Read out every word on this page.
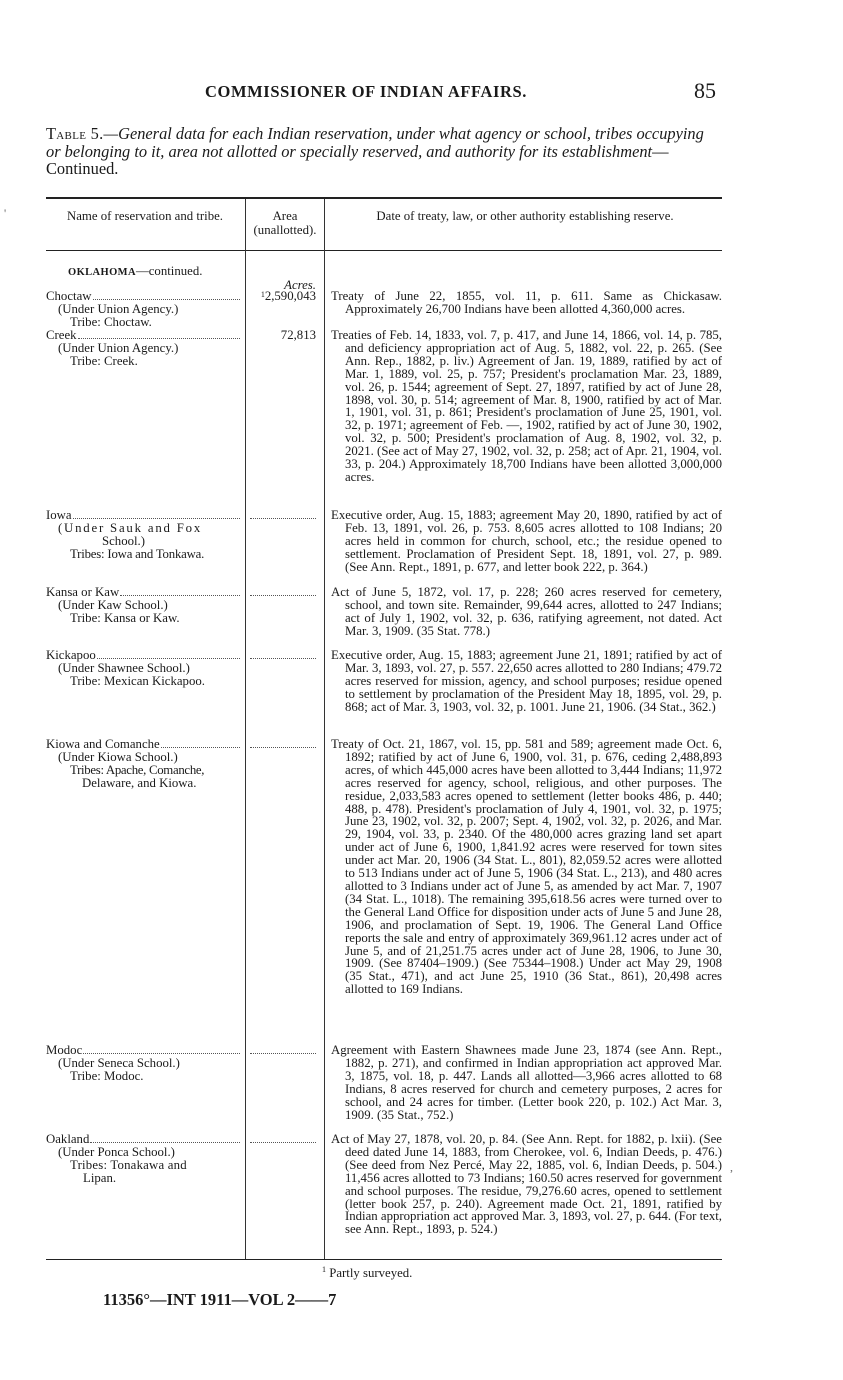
COMMISSIONER OF INDIAN AFFAIRS.	85
Table 5.—General data for each Indian reservation, under what agency or school, tribes occupying or belonging to it, area not allotted or specially reserved, and authority for its establishment—Continued.
Name of reservation and tribe.	Area (unallotted).
Date of treaty, law, or other authority establishing reserve.
OKLAHOMA—continued.
Acres.
Choctaw
(Under Union Agency.)
Tribe: Choctaw.
$^1$2,590,043 Treaty of June 22, 1855, vol. 11, p. 611. Same as Chickasaw. Approximately 26,700 Indians have been allotted 4,360,000 acres.
Creek
(Under Union Agency.)
Tribe: Creek.
72,813 Treaties of Feb. 14, 1833, vol. 7, p. 417, and June 14, 1866, vol. 14, p. 785, and deficiency appropriation act of Aug. 5, 1882, vol. 22, p. 265. (See Ann. Rep., 1882, p. liv.) Agreement of Jan. 19, 1889, ratified by act of Mar. 1, 1889, vol. 25, p. 757; President's proclamation Mar. 23, 1889, vol. 26, p. 1544; agreement of Sept. 27, 1897, ratified by act of June 28, 1898, vol. 30, p. 514; agreement of Mar. 8, 1900, ratified by act of Mar. 1, 1901, vol. 31, p. 861; President's proclamation of June 25, 1901, vol. 32, p. 1971; agreement of Feb. —, 1902, ratified by act of June 30, 1902, vol. 32, p. 500; President's proclamation of Aug. 8, 1902, vol. 32, p. 2021. (See act of May 27, 1902, vol. 32, p. 258; act of Apr. 21, 1904, vol. 33, p. 204.) Approximately 18,700 Indians have been allotted 3,000,000 acres.
Iowa
(Under Sauk and Fox
School.)
Tribes: Iowa and Tonkawa.
Executive order, Aug. 15, 1883; agreement May 20, 1890, ratified by act of Feb. 13, 1891, vol. 26, p. 753. 8,605 acres allotted to 108 Indians; 20 acres held in common for church, school, etc.; the residue opened to settlement. Proclamation of President Sept. 18, 1891, vol. 27, p. 989. (See Ann. Rept., 1891, p. 677, and letter book 222, p. 364.)
Kansa or Kaw
(Under Kaw School.)
Tribe: Kansa or Kaw.
Act of June 5, 1872, vol. 17, p. 228; 260 acres reserved for cemetery, school, and town site. Remainder, 99,644 acres, allotted to 247 Indians; act of July 1, 1902, vol. 32, p. 636, ratifying agreement, not dated. Act Mar. 3, 1909. (35 Stat. 778.)
Kickapoo
(Under Shawnee School.)
Tribe: Mexican Kickapoo.
Executive order, Aug. 15, 1883; agreement June 21, 1891; ratified by act of Mar. 3, 1893, vol. 27, p. 557. 22,650 acres allotted to 280 Indians; 479.72 acres reserved for mission, agency, and school purposes; residue opened to settlement by proclamation of the President May 18, 1895, vol. 29, p. 868; act of Mar. 3, 1903, vol. 32, p. 1001. June 21, 1906. (34 Stat., 362.)
Kiowa and Comanche
(Under Kiowa School.)
Tribes: Apache, Comanche,
Delaware, and Kiowa.
Treaty of Oct. 21, 1867, vol. 15, pp. 581 and 589; agreement made Oct. 6, 1892; ratified by act of June 6, 1900, vol. 31, p. 676, ceding 2,488,893 acres, of which 445,000 acres have been allotted to 3,444 Indians; 11,972 acres reserved for agency, school, religious, and other purposes. The residue, 2,033,583 acres opened to settlement (letter books 486, p. 440; 488, p. 478). President's proclamation of July 4, 1901, vol. 32, p. 1975; June 23, 1902, vol. 32, p. 2007; Sept. 4, 1902, vol. 32, p. 2026, and Mar. 29, 1904, vol. 33, p. 2340. Of the 480,000 acres grazing land set apart under act of June 6, 1900, 1,841.92 acres were reserved for town sites under act Mar. 20, 1906 (34 Stat. L., 801), 82,059.52 acres were allotted to 513 Indians under act of June 5, 1906 (34 Stat. L., 213), and 480 acres allotted to 3 Indians under act of June 5, as amended by act Mar. 7, 1907 (34 Stat. L., 1018). The remaining 395,618.56 acres were turned over to the General Land Office for disposition under acts of June 5 and June 28, 1906, and proclamation of Sept. 19, 1906. The General Land Office reports the sale and entry of approximately 369,961.12 acres under act of June 5, and of 21,251.75 acres under act of June 28, 1906, to June 30, 1909. (See 87404–1909.) (See 75344–1908.) Under act May 29, 1908 (35 Stat., 471), and act June 25, 1910 (36 Stat., 861), 20,498 acres allotted to 169 Indians.
Modoc
(Under Seneca School.)
Tribe: Modoc.
Agreement with Eastern Shawnees made June 23, 1874 (see Ann. Rept., 1882, p. 271), and confirmed in Indian appropriation act approved Mar. 3, 1875, vol. 18, p. 447. Lands all allotted—3,966 acres allotted to 68 Indians, 8 acres reserved for church and cemetery purposes, 2 acres for school, and 24 acres for timber. (Letter book 220, p. 102.) Act Mar. 3, 1909. (35 Stat., 752.)
Oakland
(Under Ponca School.)
Tribes: Tonakawa and
Lipan.
Act of May 27, 1878, vol. 20, p. 84. (See Ann. Rept. for 1882, p. lxii). (See deed dated June 14, 1883, from Cherokee, vol. 6, Indian Deeds, p. 476.) (See deed from Nez Percé, May 22, 1885, vol. 6, Indian Deeds, p. 504.) 11,456 acres allotted to 73 Indians; 160.50 acres reserved for government and school purposes. The residue, 79,276.60 acres, opened to settlement (letter book 257, p. 240). Agreement made Oct. 21, 1891, ratified by Indian appropriation act approved Mar. 3, 1893, vol. 27, p. 644. (For text, see Ann. Rept., 1893, p. 524.)
$^1$ Partly surveyed.
11356°—INT 1911—VOL 2——7
'
,
